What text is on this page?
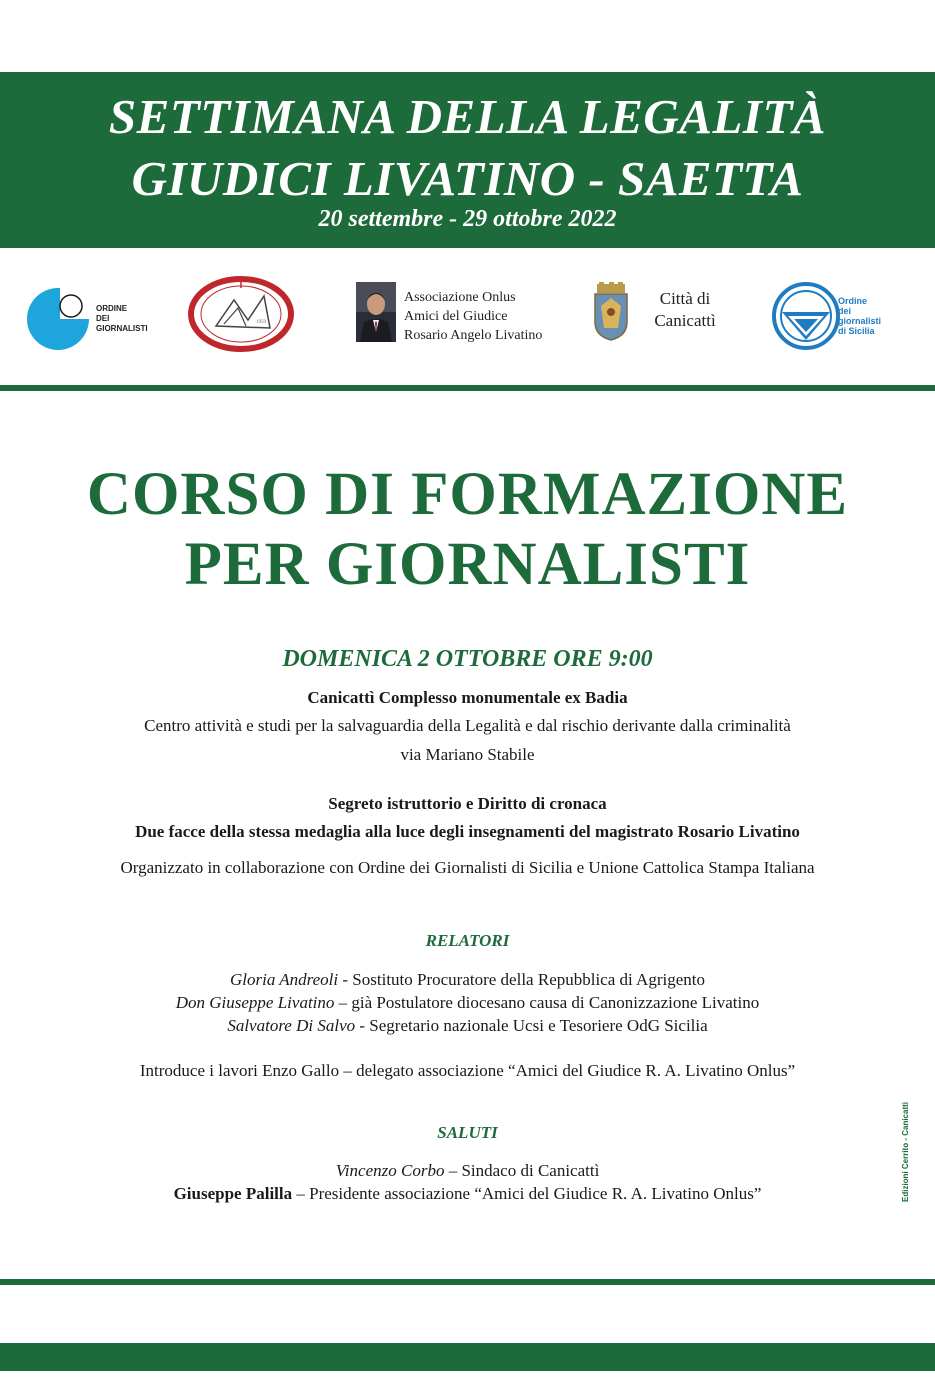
SETTIMANA DELLA LEGALITÀ
GIUDICI LIVATINO - SAETTA
20 settembre - 29 ottobre 2022
ORDINE
DEI
GIORNALISTI
1959
Associazione Onlus
Amici del Giudice
Rosario Angelo Livatino
Città di
Canicattì
Ordine
dei
giornalisti
di Sicilia
CORSO DI FORMAZIONE
PER GIORNALISTI
DOMENICA 2 OTTOBRE ORE 9:00
Canicattì Complesso monumentale ex Badia
Centro attività e studi per la salvaguardia della Legalità e dal rischio derivante dalla criminalità
via Mariano Stabile
Segreto istruttorio e Diritto di cronaca
Due facce della stessa medaglia alla luce degli insegnamenti del magistrato Rosario Livatino
Organizzato in collaborazione con Ordine dei Giornalisti di Sicilia e Unione Cattolica Stampa Italiana
RELATORI
Gloria Andreoli - Sostituto Procuratore della Repubblica di Agrigento
Don Giuseppe Livatino – già Postulatore diocesano causa di Canonizzazione Livatino
Salvatore Di Salvo - Segretario nazionale Ucsi e Tesoriere OdG Sicilia
Introduce i lavori Enzo Gallo – delegato associazione “Amici del Giudice R. A. Livatino Onlus”
SALUTI
Vincenzo Corbo – Sindaco di Canicattì
Giuseppe Palilla – Presidente associazione “Amici del Giudice R. A. Livatino Onlus”	Edizioni Cerrito - Canicattì
